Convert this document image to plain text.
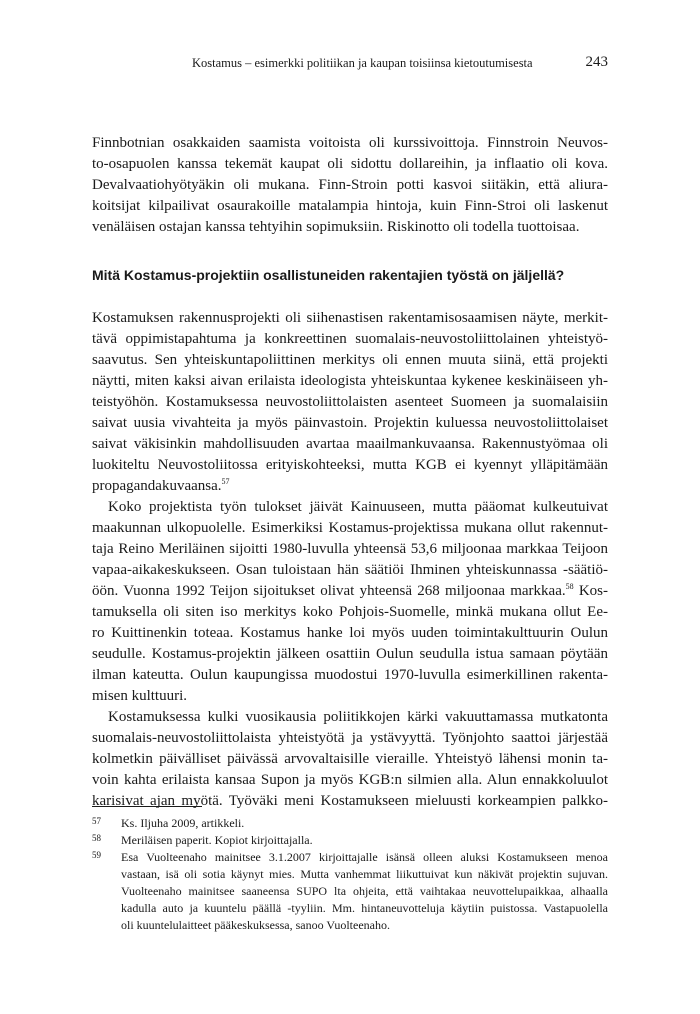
Kostamus – esimerkki politiikan ja kaupan toisiinsa kietoutumisesta	243
Finnbotnian osakkaiden saamista voitoista oli kurssivoittoja. Finnstroin Neuvos-
to-osapuolen kanssa tekemät kaupat oli sidottu dollareihin, ja inflaatio oli kova.
Devalvaatiohyötyäkin oli mukana. Finn-Stroin potti kasvoi siitäkin, että aliura-
koitsijat kilpailivat osaurakoille matalampia hintoja, kuin Finn-Stroi oli laskenut
venäläisen ostajan kanssa tehtyihin sopimuksiin. Riskinotto oli todella tuottoisaa.
Mitä Kostamus-projektiin osallistuneiden rakentajien työstä on jäljellä?
Kostamuksen rakennusprojekti oli siihenastisen rakentamisosaamisen näyte, merkit-
tävä oppimistapahtuma ja konkreettinen suomalais-neuvostoliittolainen yhteistyö-
saavutus. Sen yhteiskuntapoliittinen merkitys oli ennen muuta siinä, että projekti
näytti, miten kaksi aivan erilaista ideologista yhteiskuntaa kykenee keskinäiseen yh-
teistyöhön. Kostamuksessa neuvostoliittolaisten asenteet Suomeen ja suomalaisiin
saivat uusia vivahteita ja myös päinvastoin. Projektin kuluessa neuvostoliittolaiset
saivat väkisinkin mahdollisuuden avartaa maailmankuvaansa. Rakennustyömaa oli
luokiteltu Neuvostoliitossa erityiskohteeksi, mutta KGB ei kyennyt ylläpitämään
propagandakuvaansa.$^{57}$
Koko projektista työn tulokset jäivät Kainuuseen, mutta pääomat kulkeutuivat
maakunnan ulkopuolelle. Esimerkiksi Kostamus-projektissa mukana ollut rakennut-
taja Reino Meriläinen sijoitti 1980-luvulla yhteensä 53,6 miljoonaa markkaa Teijoon
vapaa-aikakeskukseen. Osan tuloistaan hän säätiöi Ihminen yhteiskunnassa -säätiö-
öön. Vuonna 1992 Teijon sijoitukset olivat yhteensä 268 miljoonaa markkaa.$^{58}$ Kos-
tamuksella oli siten iso merkitys koko Pohjois-Suomelle, minkä mukana ollut Ee-
ro Kuittinenkin toteaa. Kostamus hanke loi myös uuden toimintakulttuurin Oulun
seudulle. Kostamus-projektin jälkeen osattiin Oulun seudulla istua samaan pöytään
ilman kateutta. Oulun kaupungissa muodostui 1970-luvulla esimerkillinen rakenta-
misen kulttuuri.
Kostamuksessa kulki vuosikausia poliitikkojen kärki vakuuttamassa mutkatonta
suomalais-neuvostoliittolaista yhteistyötä ja ystävyyttä. Työnjohto saattoi järjestää
kolmetkin päivälliset päivässä arvovaltaisille vieraille. Yhteistyö lähensi monin ta-
voin kahta erilaista kansaa Supon ja myös KGB:n silmien alla. Alun ennakkoluulot
karisivat ajan myötä. Työväki meni Kostamukseen mieluusti korkeampien palkko-
57 Ks. Iljuha 2009, artikkeli.
58 Meriläisen paperit. Kopiot kirjoittajalla.
59 Esa Vuolteenaho mainitsee 3.1.2007 kirjoittajalle isänsä olleen aluksi Kostamukseen menoa
vastaan, isä oli sotia käynyt mies. Mutta vanhemmat liikuttuivat kun näkivät projektin sujuvan.
Vuolteenaho mainitsee saaneensa SUPO lta ohjeita, että vaihtakaa neuvottelupaikkaa, alhaalla
kadulla auto ja kuuntelu päällä -tyyliin. Mm. hintaneuvotteluja käytiin puistossa. Vastapuolella
oli kuuntelulaitteet pääkeskuksessa, sanoo Vuolteenaho.
